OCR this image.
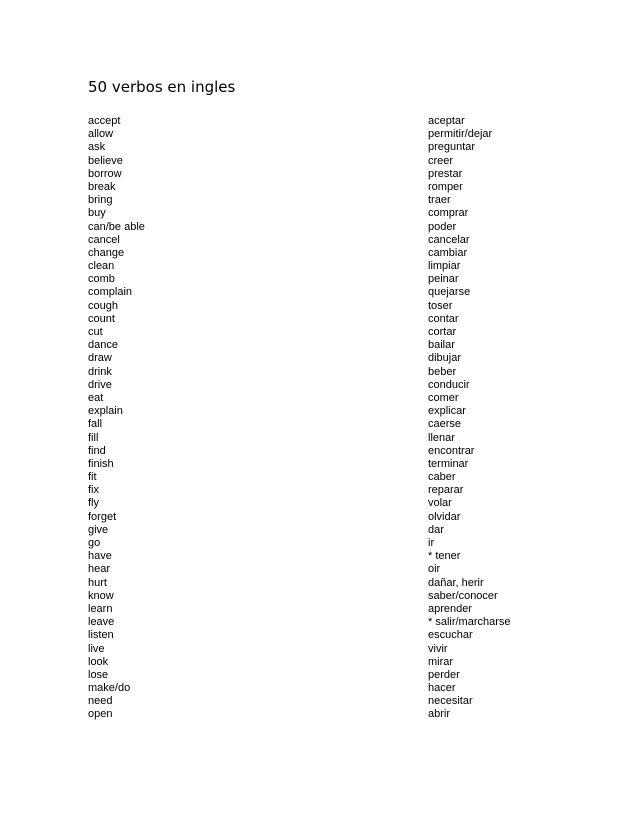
50 verbos en ingles
accept	aceptar
allow	permitir/dejar
ask	preguntar
believe	creer
borrow	prestar
break	romper
bring	traer
buy	comprar
can/be able	poder
cancel	cancelar
change	cambiar
clean	limpiar
comb	peinar
complain	quejarse
cough	toser
count	contar
cut	cortar
dance	bailar
draw	dibujar
drink	beber
drive	conducir
eat	comer
explain	explicar
fall	caerse
fill	llenar
find	encontrar
finish	terminar
fit	caber
fix	reparar
fly	volar
forget	olvidar
give	dar
go	ir
have	* tener
hear	oir
hurt	dañar, herir
know	saber/conocer
learn	aprender
leave	* salir/marcharse
listen	escuchar
live	vivir
look	mirar
lose	perder
make/do	hacer
need	necesitar
open	abrir
